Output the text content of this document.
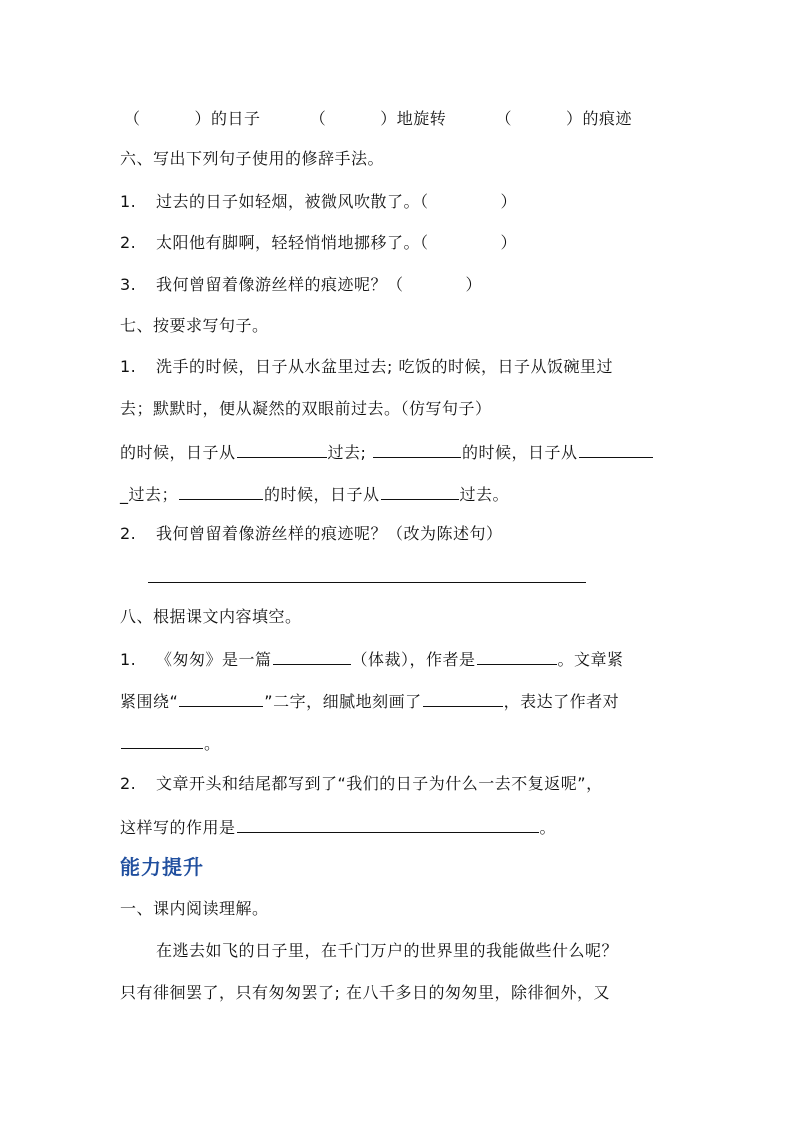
（	）的日子	（	）地旋转	（	）的痕迹
六、写出下列句子使用的修辞手法。
1. 过去的日子如轻烟，被微风吹散了。（	）
2. 太阳他有脚啊，轻轻悄悄地挪移了。（	）
3. 我何曾留着像游丝样的痕迹呢？（	）
七、按要求写句子。
1. 洗手的时候，日子从水盆里过去; 吃饭的时候，日子从饭碗里过
去；默默时，便从凝然的双眼前过去。（仿写句子）
的时候，日子从	过去;	的时候，日子从
_过去；	的时候，日子从	过去。
2. 我何曾留着像游丝样的痕迹呢？（改为陈述句）
八、根据课文内容填空。
1. 《匆匆》是一篇	（体裁），作者是	。文章紧
紧围绕“	”二字，细腻地刻画了	，表达了作者对
。
2. 文章开头和结尾都写到了“我们的日子为什么一去不复返呢”，
这样写的作用是	。
能力提升
一、课内阅读理解。
在逃去如飞的日子里，在千门万户的世界里的我能做些什么呢？
只有徘徊罢了，只有匆匆罢了; 在八千多日的匆匆里，除徘徊外，又
